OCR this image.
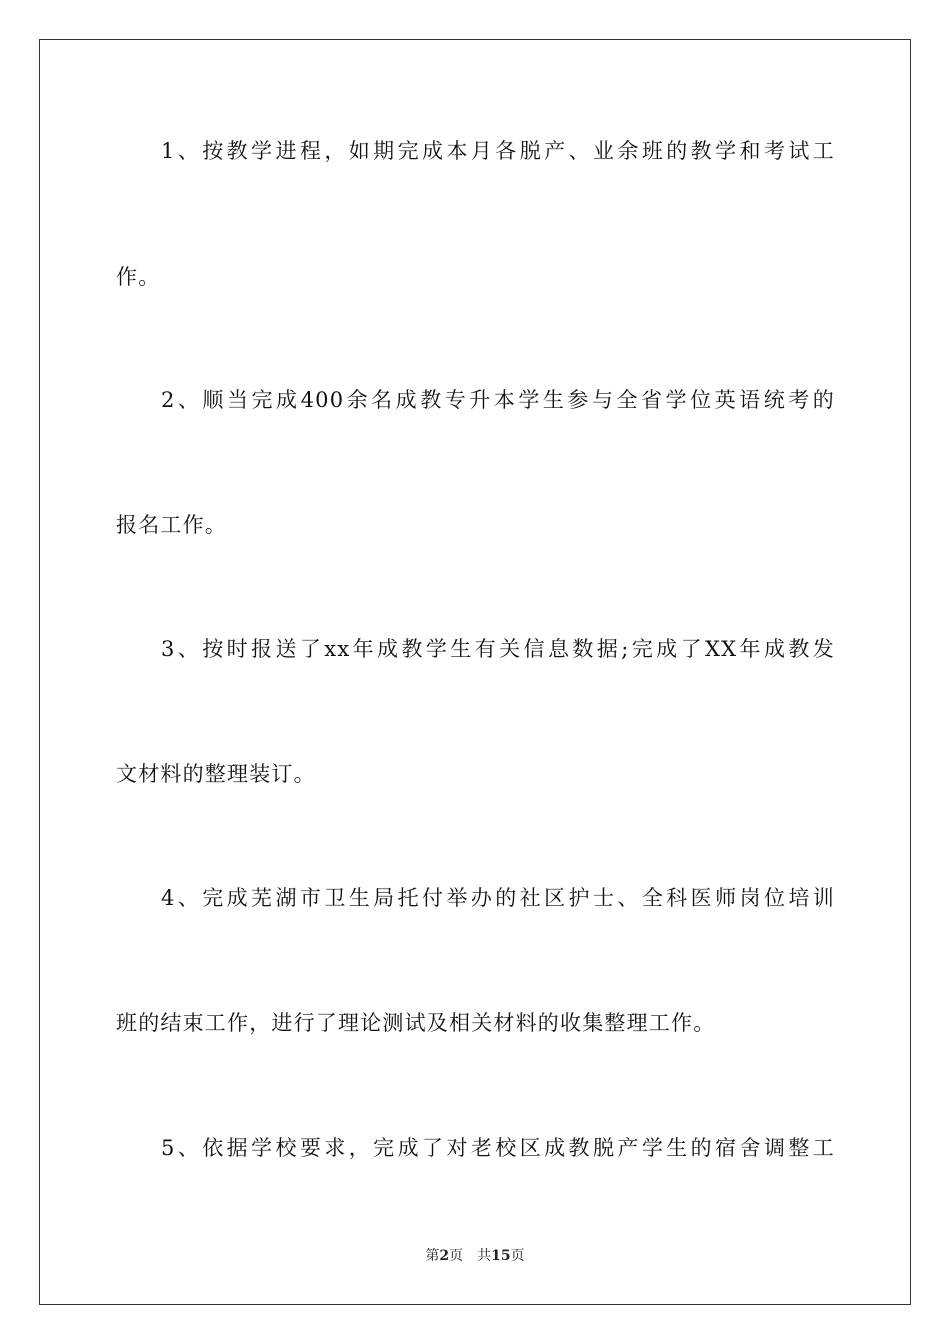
1、按教学进程，如期完成本月各脱产、业余班的教学和考试工
作。
2、顺当完成400余名成教专升本学生参与全省学位英语统考的
报名工作。
3、按时报送了xx年成教学生有关信息数据;完成了XX年成教发
文材料的整理装订。
4、完成芜湖市卫生局托付举办的社区护士、全科医师岗位培训
班的结束工作，进行了理论测试及相关材料的收集整理工作。
5、依据学校要求，完成了对老校区成教脱产学生的宿舍调整工
第2页 共15页
